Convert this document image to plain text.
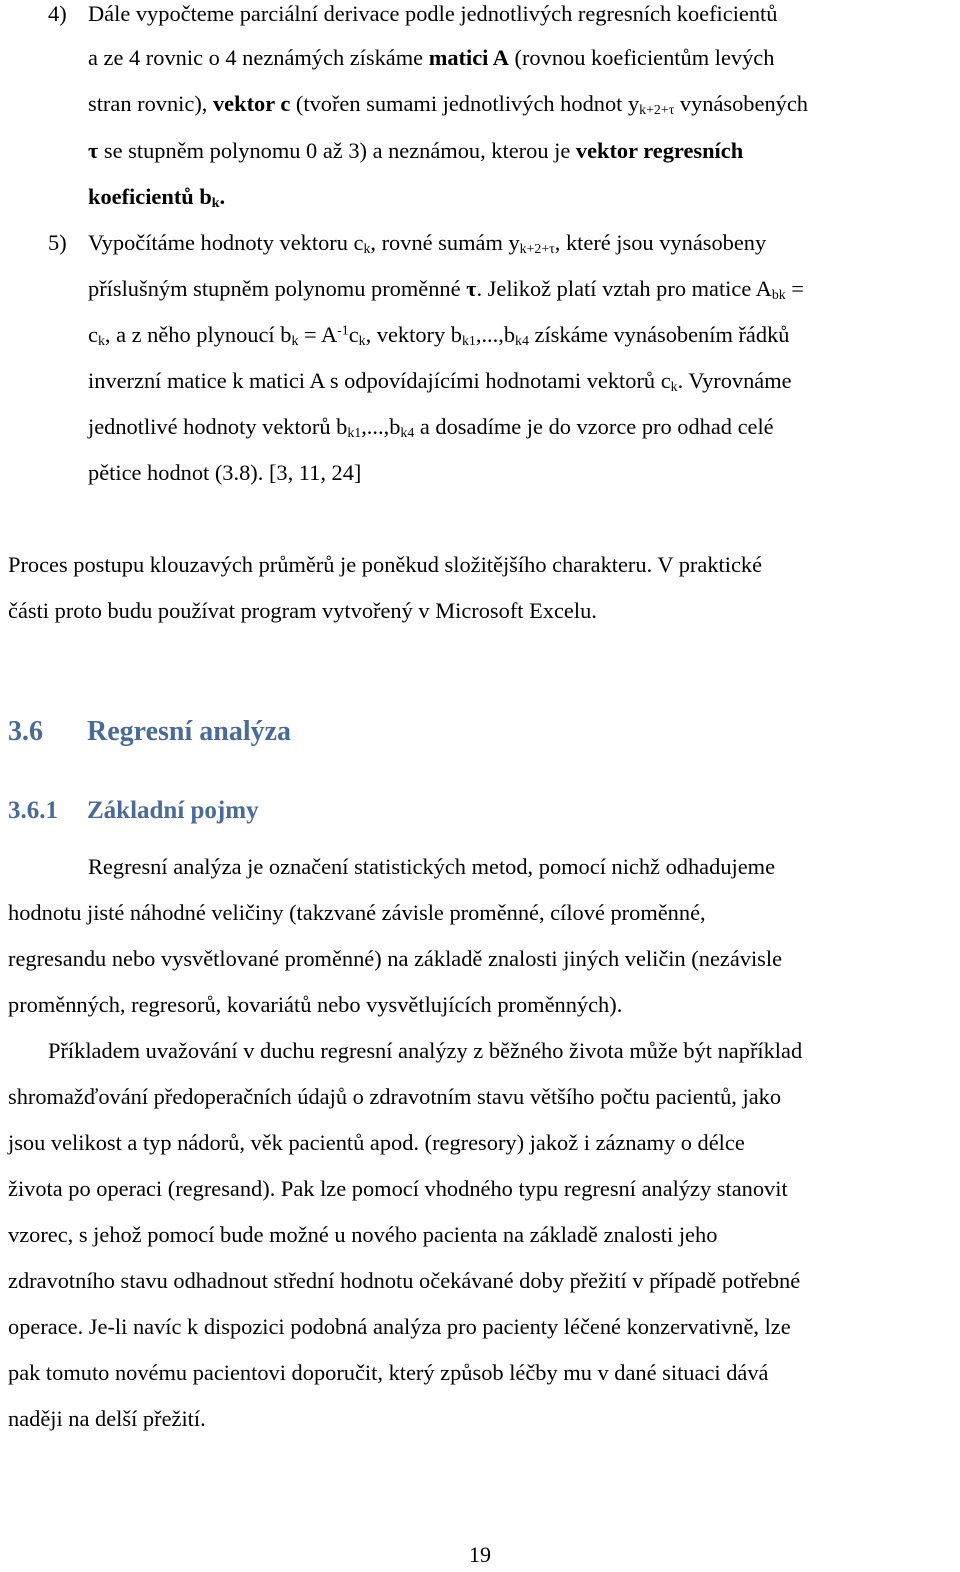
4) Dále vypočteme parciální derivace podle jednotlivých regresních koeficientů
a ze 4 rovnic o 4 neznámých získáme matici A (rovnou koeficientům levých
stran rovnic), vektor c (tvořen sumami jednotlivých hodnot $y_{k+2+\tau}$ vynásobených
τ se stupněm polynomu 0 až 3) a neznámou, kterou je vektor regresních
koeficientů $b_k$.
5) Vypočítáme hodnoty vektoru $c_k$, rovné sumám $y_{k+2+\tau}$, které jsou vynásobeny
příslušným stupněm polynomu proměnné τ. Jelikož platí vztah pro matice $A_{bk}$ =
$c_k$, a z něho plynoucí $b_k = A^{-1}c_k$, vektory $b_{k1},...,b_{k4}$ získáme vynásobením řádků
inverzní matice k matici A s odpovídajícími hodnotami vektorů $c_k$. Vyrovnáme
jednotlivé hodnoty vektorů $b_{k1},...,b_{k4}$ a dosadíme je do vzorce pro odhad celé
pětice hodnot (3.8). [3, 11, 24]
Proces postupu klouzavých průměrů je poněkud složitějšího charakteru. V praktické
části proto budu používat program vytvořený v Microsoft Excelu.
3.6 Regresní analýza
3.6.1 Základní pojmy
Regresní analýza je označení statistických metod, pomocí nichž odhadujeme
hodnotu jisté náhodné veličiny (takzvané závisle proměnné, cílové proměnné,
regresandu nebo vysvětlované proměnné) na základě znalosti jiných veličin (nezávisle
proměnných, regresorů, kovariátů nebo vysvětlujících proměnných).
Příkladem uvažování v duchu regresní analýzy z běžného života může být například
shromažďování předoperačních údajů o zdravotním stavu většího počtu pacientů, jako
jsou velikost a typ nádorů, věk pacientů apod. (regresory) jakož i záznamy o délce
života po operaci (regresand). Pak lze pomocí vhodného typu regresní analýzy stanovit
vzorec, s jehož pomocí bude možné u nového pacienta na základě znalosti jeho
zdravotního stavu odhadnout střední hodnotu očekávané doby přežití v případě potřebné
operace. Je-li navíc k dispozici podobná analýza pro pacienty léčené konzervativně, lze
pak tomuto novému pacientovi doporučit, který způsob léčby mu v dané situaci dává
naději na delší přežití.
19
